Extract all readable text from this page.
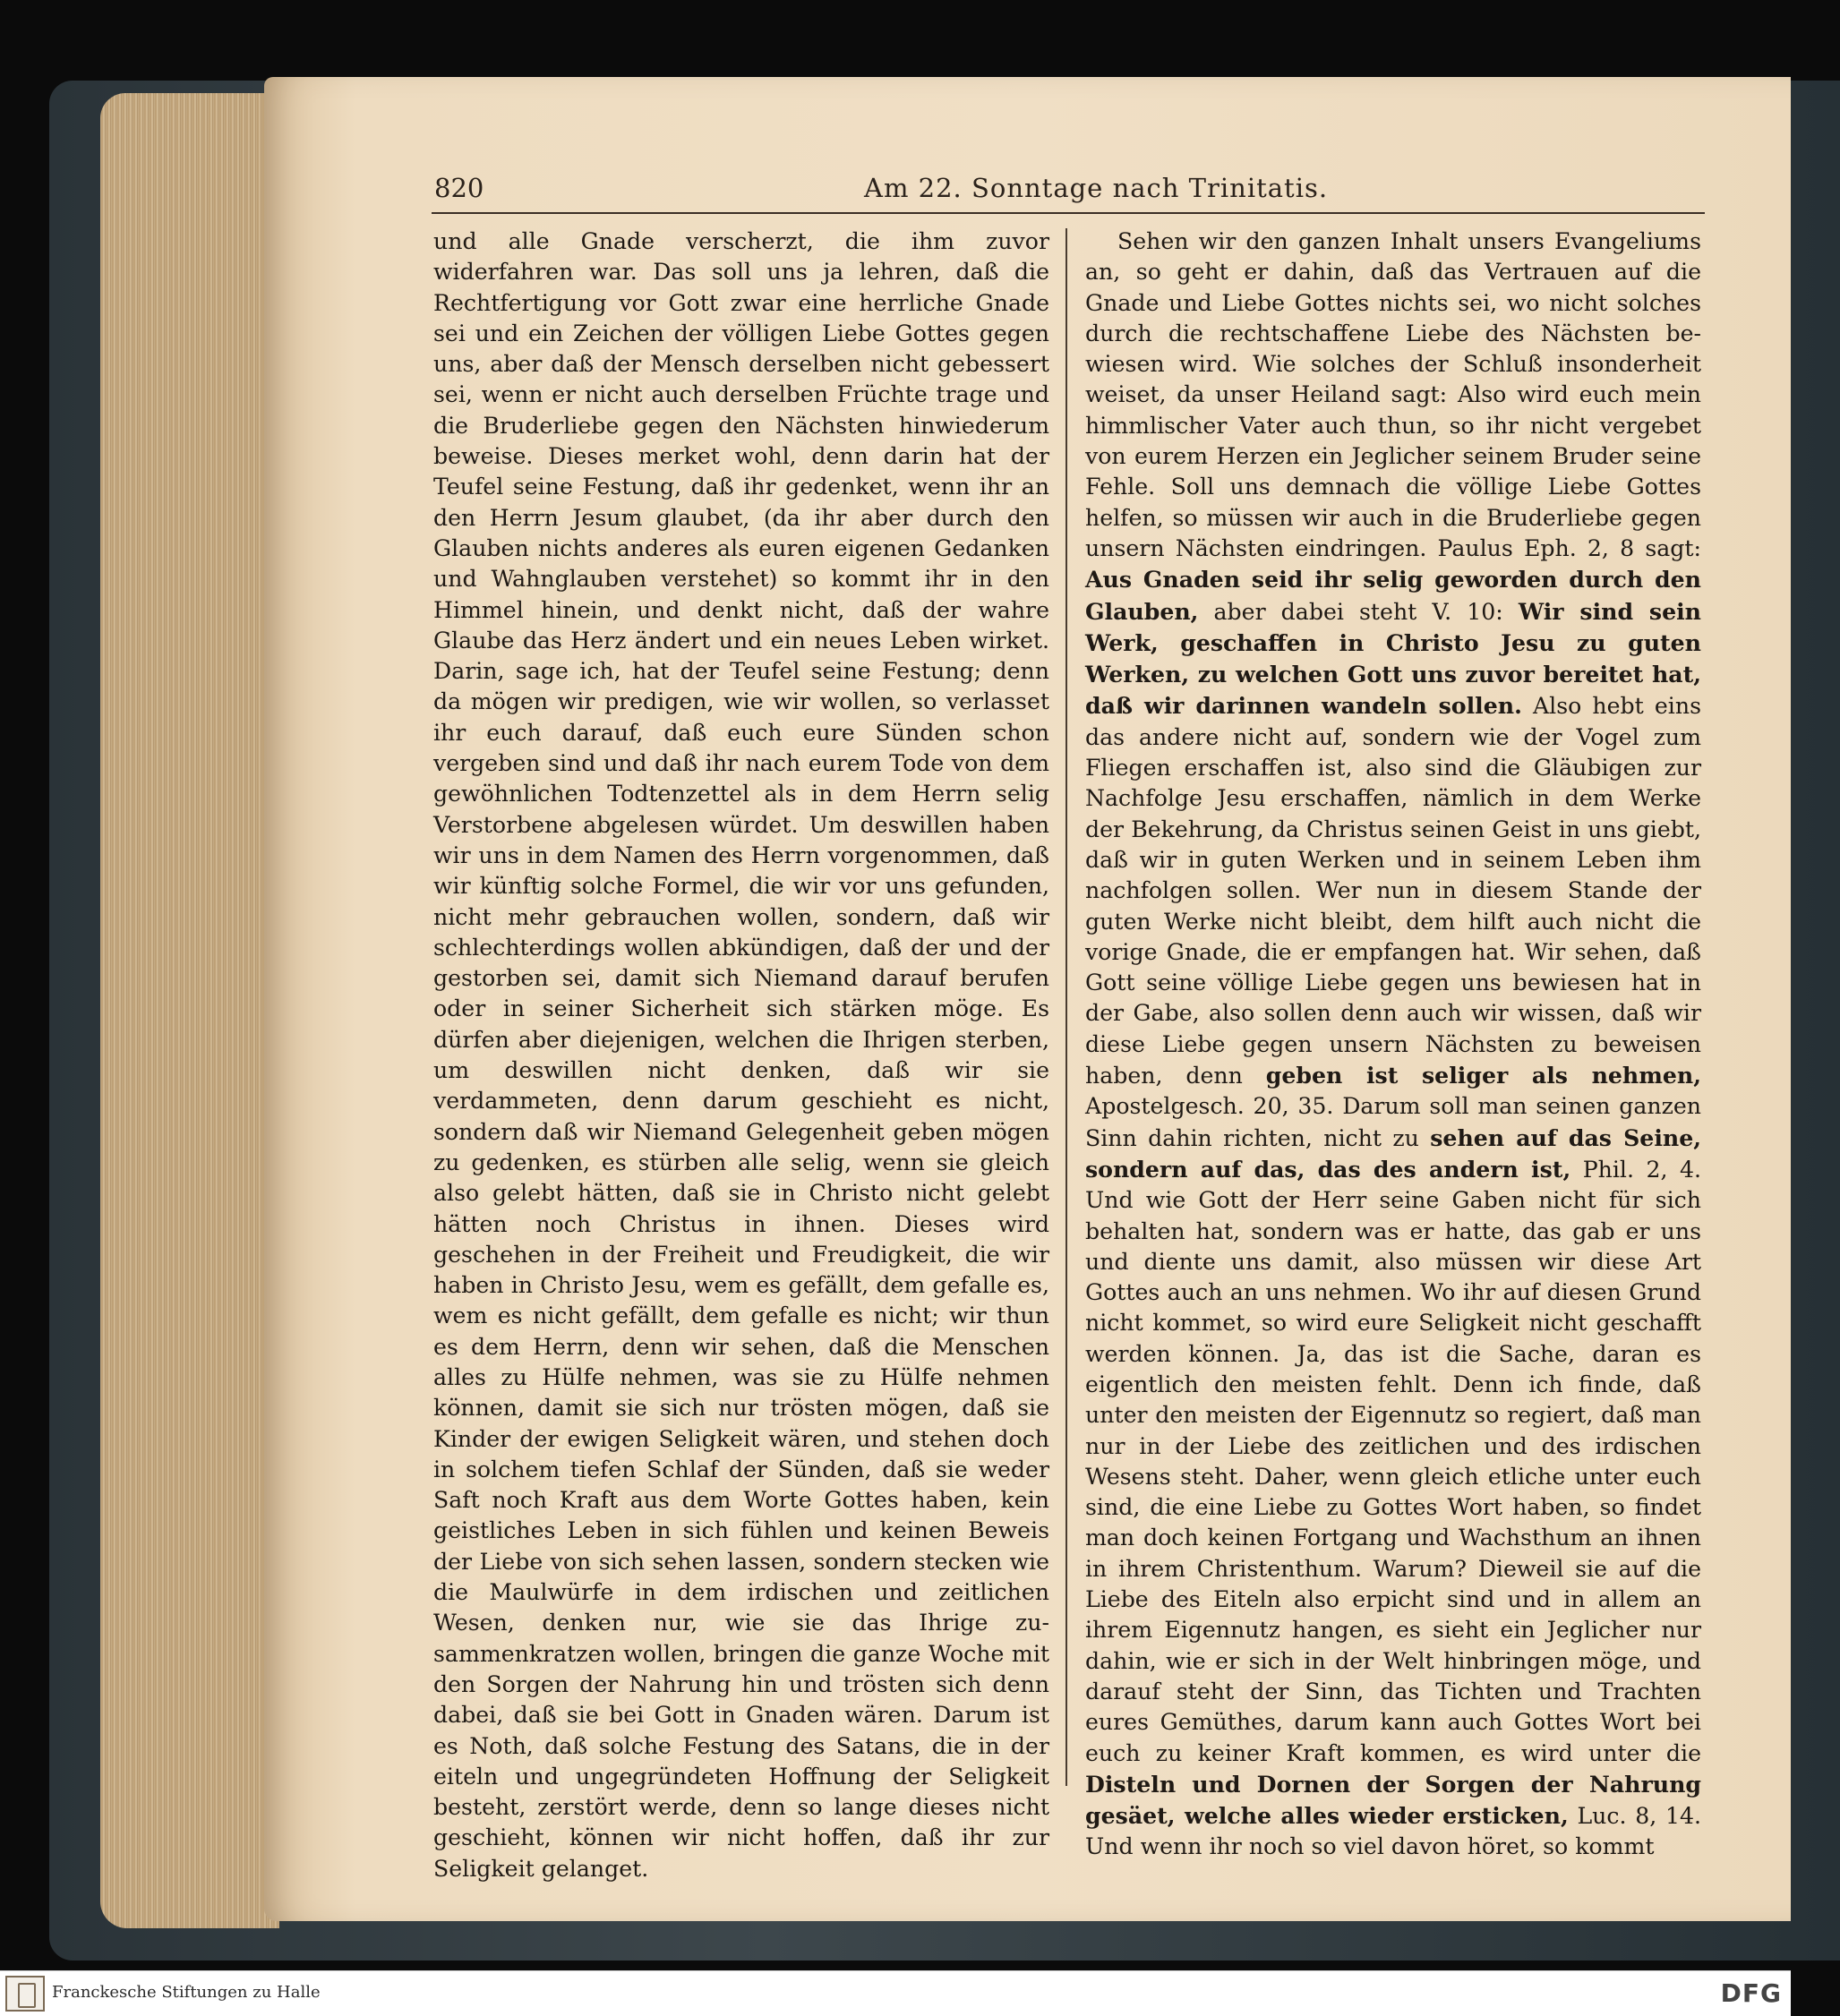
820	Am 22. Sonntage nach Trinitatis.

und alle Gnade verscherzt, die ihm zuvor widerfahren war. Das soll uns ja lehren, daß die Rechtfertigung vor Gott zwar eine herrliche Gnade sei und ein Zeichen der völligen Liebe Gottes gegen uns, aber daß der Mensch derselben nicht gebessert sei, wenn er nicht auch derselben Früchte trage und die Bruderliebe gegen den Nächsten hinwiederum beweise. Dieses merket wohl, denn darin hat der Teufel seine Festung, daß ihr gedenket, wenn ihr an den Herrn Jesum glaubet, (da ihr aber durch den Glauben nichts anderes als euren eigenen Gedanken und Wahnglauben verstehet) so kommt ihr in den Himmel hinein, und denkt nicht, daß der wahre Glaube das Herz ändert und ein neues Leben wirket. Darin, sage ich, hat der Teufel seine Festung; denn da mögen wir predigen, wie wir wollen, so verlasset ihr euch darauf, daß euch eure Sünden schon vergeben sind und daß ihr nach eurem Tode von dem gewöhnlichen Todtenzettel als in dem Herrn selig Verstorbene abgelesen würdet. Um deswillen haben wir uns in dem Namen des Herrn vorgenommen, daß wir künftig solche Formel, die wir vor uns gefunden, nicht mehr gebrauchen wollen, sondern, daß wir schlechterdings wollen abkündigen, daß der und der gestorben sei, damit sich Niemand darauf berufen oder in seiner Sicherheit sich stärken möge. Es dürfen aber diejenigen, welchen die Ihrigen sterben, um deswillen nicht denken, daß wir sie verdammeten, denn darum geschieht es nicht, sondern daß wir Niemand Gelegenheit geben mögen zu gedenken, es stürben alle selig, wenn sie gleich also gelebt hätten, daß sie in Christo nicht gelebt hätten noch Christus in ihnen. Dieses wird geschehen in der Freiheit und Freudigkeit, die wir haben in Christo Jesu, wem es gefällt, dem gefalle es, wem es nicht gefällt, dem gefalle es nicht; wir thun es dem Herrn, denn wir sehen, daß die Menschen alles zu Hülfe nehmen, was sie zu Hülfe nehmen können, damit sie sich nur trösten mögen, daß sie Kinder der ewigen Seligkeit wären, und stehen doch in solchem tiefen Schlaf der Sünden, daß sie weder Saft noch Kraft aus dem Worte Gottes haben, kein geistliches Leben in sich fühlen und keinen Beweis der Liebe von sich sehen lassen, sondern stecken wie die Maulwürfe in dem irdischen und zeitlichen Wesen, denken nur, wie sie das Ihrige zusammenkratzen wollen, bringen die ganze Woche mit den Sorgen der Nahrung hin und trösten sich denn dabei, daß sie bei Gott in Gnaden wären. Darum ist es Noth, daß solche Festung des Satans, die in der eiteln und ungegründeten Hoffnung der Seligkeit besteht, zerstört werde, denn so lange dieses nicht geschieht, können wir nicht hoffen, daß ihr zur Seligkeit gelanget.

Sehen wir den ganzen Inhalt unsers Evangeliums an, so geht er dahin, daß das Vertrauen auf die Gnade und Liebe Gottes nichts sei, wo nicht solches durch die rechtschaffene Liebe des Nächsten bewiesen wird. Wie solches der Schluß insonderheit weiset, da unser Heiland sagt: Also wird euch mein himmlischer Vater auch thun, so ihr nicht vergebet von eurem Herzen ein Jeglicher seinem Bruder seine Fehle. Soll uns demnach die völlige Liebe Gottes helfen, so müssen wir auch in die Bruderliebe gegen unsern Nächsten eindringen. Paulus Eph. 2, 8 sagt: Aus Gnaden seid ihr selig geworden durch den Glauben, aber dabei steht V. 10: Wir sind sein Werk, geschaffen in Christo Jesu zu guten Werken, zu welchen Gott uns zuvor bereitet hat, daß wir darinnen wandeln sollen. Also hebt eins das andere nicht auf, sondern wie der Vogel zum Fliegen erschaffen ist, also sind die Gläubigen zur Nachfolge Jesu erschaffen, nämlich in dem Werke der Bekehrung, da Christus seinen Geist in uns giebt, daß wir in guten Werken und in seinem Leben ihm nachfolgen sollen. Wer nun in diesem Stande der guten Werke nicht bleibt, dem hilft auch nicht die vorige Gnade, die er empfangen hat. Wir sehen, daß Gott seine völlige Liebe gegen uns bewiesen hat in der Gabe, also sollen denn auch wir wissen, daß wir diese Liebe gegen unsern Nächsten zu beweisen haben, denn geben ist seliger als nehmen, Apostelgesch. 20, 35. Darum soll man seinen ganzen Sinn dahin richten, nicht zu sehen auf das Seine, sondern auf das, das des andern ist, Phil. 2, 4. Und wie Gott der Herr seine Gaben nicht für sich behalten hat, sondern was er hatte, das gab er uns und diente uns damit, also müssen wir diese Art Gottes auch an uns nehmen. Wo ihr auf diesen Grund nicht kommet, so wird eure Seligkeit nicht geschafft werden können. Ja, das ist die Sache, daran es eigentlich den meisten fehlt. Denn ich finde, daß unter den meisten der Eigennutz so regiert, daß man nur in der Liebe des zeitlichen und des irdischen Wesens steht. Daher, wenn gleich etliche unter euch sind, die eine Liebe zu Gottes Wort haben, so findet man doch keinen Fortgang und Wachsthum an ihnen in ihrem Christenthum. Warum? Dieweil sie auf die Liebe des Eiteln also erpicht sind und in allem an ihrem Eigennutz hangen, es sieht ein Jeglicher nur dahin, wie er sich in der Welt hinbringen möge, und darauf steht der Sinn, das Tichten und Trachten eures Gemüthes, darum kann auch Gottes Wort bei euch zu keiner Kraft kommen, es wird unter die Disteln und Dornen der Sorgen der Nahrung gesäet, welche alles wieder ersticken, Luc. 8, 14. Und wenn ihr noch so viel davon höret, so kommt

Franckesche Stiftungen zu Halle	DFG
